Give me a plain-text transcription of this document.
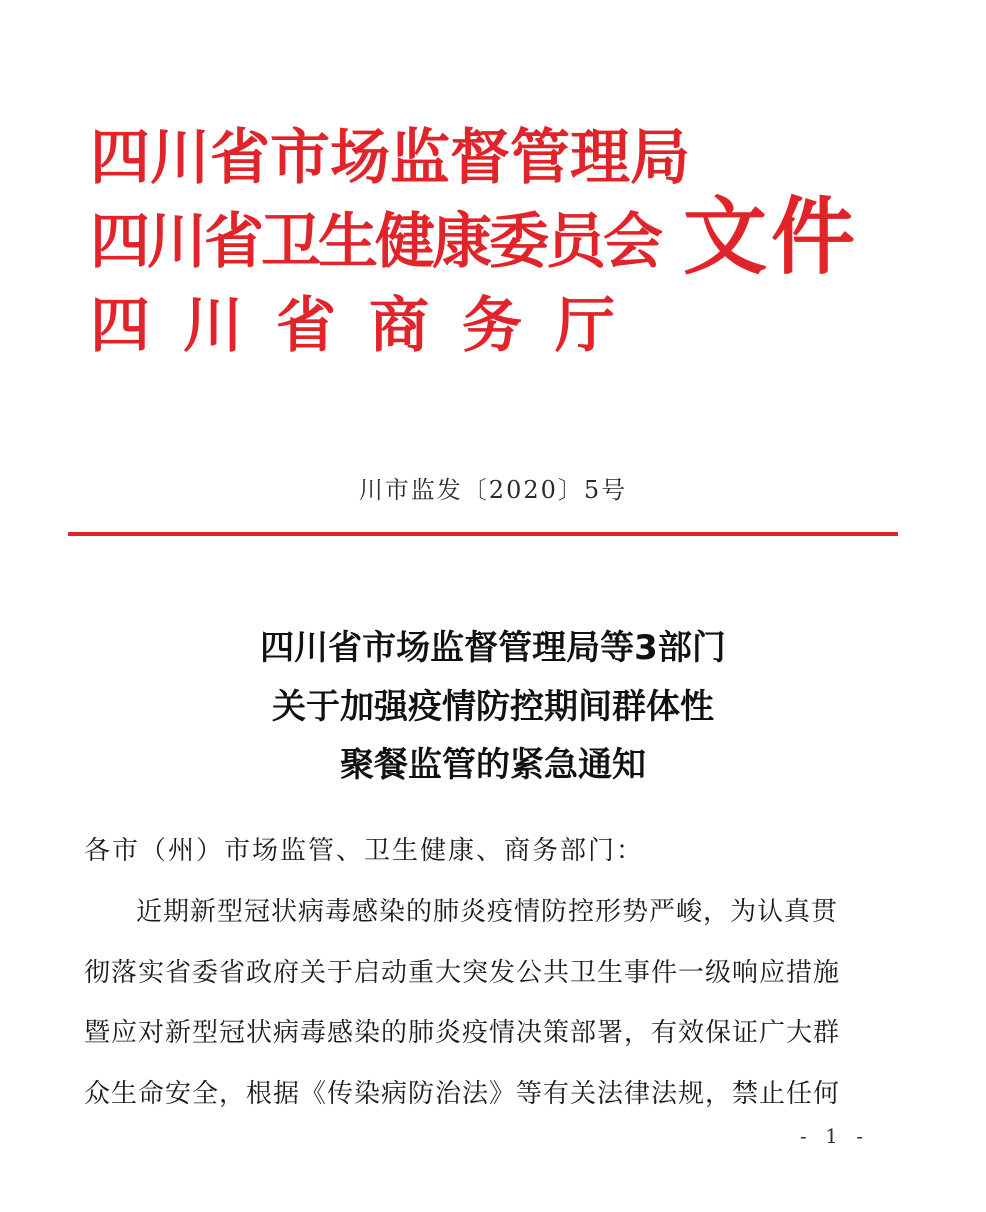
四川省市场监督管理局
四川省卫生健康委员会
四川省商务厅
文件
川市监发〔2020〕5号
四川省市场监督管理局等3部门
关于加强疫情防控期间群体性
聚餐监管的紧急通知
各市（州）市场监管、卫生健康、商务部门：
近期新型冠状病毒感染的肺炎疫情防控形势严峻，为认真贯
彻落实省委省政府关于启动重大突发公共卫生事件一级响应措施
暨应对新型冠状病毒感染的肺炎疫情决策部署，有效保证广大群
众生命安全，根据《传染病防治法》等有关法律法规，禁止任何
- 1 -
